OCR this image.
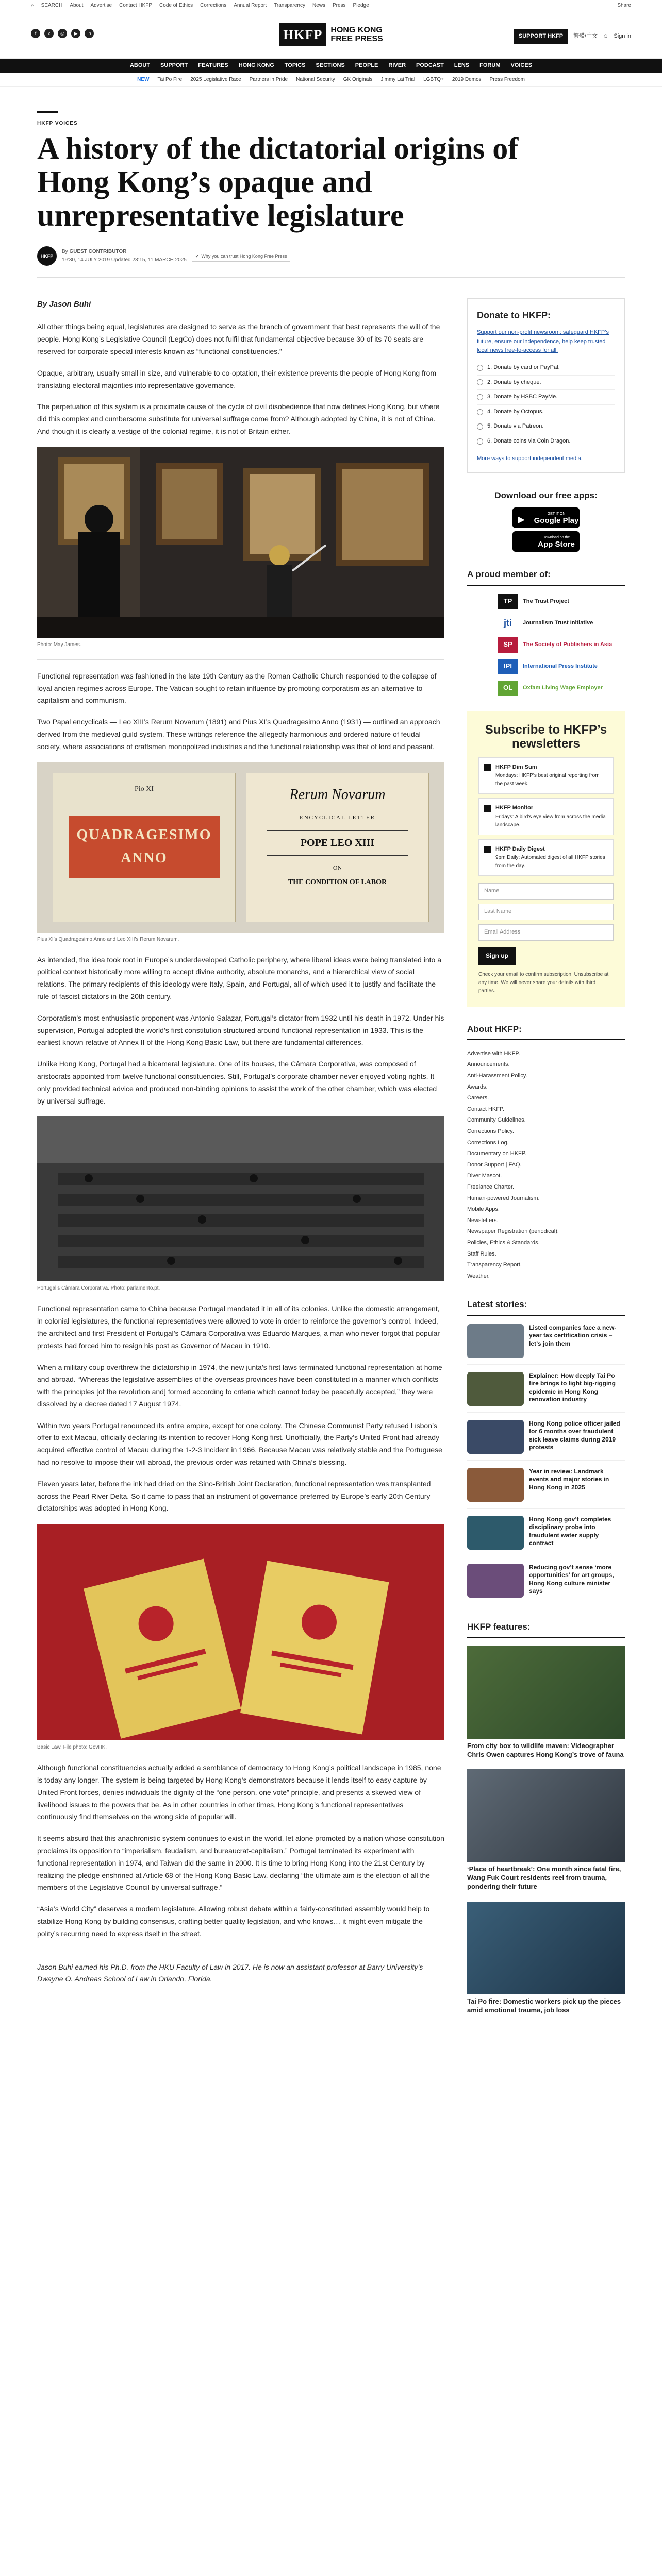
⌕ SEARCH About Advertise Contact HKFP Code of Ethics Corrections Annual Report Transparency News Press Pledge	Share
f	x	◎	▶	in	HKFP	HONG KONG
FREE PRESS	SUPPORT HKFP	繁體/中文 ☺ Sign in
ABOUT SUPPORT FEATURES HONG KONG TOPICS SECTIONS PEOPLE RIVER PODCAST LENS FORUM VOICES
NEW Tai Po Fire 2025 Legislative Race Partners in Pride National Security GK Originals Jimmy Lai Trial LGBTQ+ 2019 Demos Press Freedom
HKFP VOICES
A history of the dictatorial origins of Hong Kong’s opaque and unrepresentative legislature
HKFP
By GUEST CONTRIBUTOR
19:30, 14 JULY 2019 Updated 23:15, 11 MARCH 2025
✔ Why you can trust Hong Kong Free Press
By Jason Buhi

All other things being equal, legislatures are designed to serve as the branch of government that best represents the will of the people. Hong Kong’s Legislative Council (LegCo) does not fulfil that fundamental objective because 30 of its 70 seats are reserved for corporate special interests known as “functional constituencies.”

Opaque, arbitrary, usually small in size, and vulnerable to co-optation, their existence prevents the people of Hong Kong from translating electoral majorities into representative governance.

The perpetuation of this system is a proximate cause of the cycle of civil disobedience that now defines Hong Kong, but where did this complex and cumbersome substitute for universal suffrage come from? Although adopted by China, it is not of China. And though it is clearly a vestige of the colonial regime, it is not of Britain either.

Photo: May James.

Functional representation was fashioned in the late 19th Century as the Roman Catholic Church responded to the collapse of loyal ancien regimes across Europe. The Vatican sought to retain influence by promoting corporatism as an alternative to capitalism and communism.

Two Papal encyclicals — Leo XIII’s Rerum Novarum (1891) and Pius XI’s Quadragesimo Anno (1931) — outlined an approach derived from the medieval guild system. These writings reference the allegedly harmonious and ordered nature of feudal society, where associations of craftsmen monopolized industries and the functional relationship was that of lord and peasant.

Pio XI
QUADRAGESIMO
ANNO
Rerum Novarum
ENCYCLICAL LETTER
POPE LEO XIII
ON
THE CONDITION OF LABOR
Pius XI’s Quadragesimo Anno and Leo XIII’s Rerum Novarum.

As intended, the idea took root in Europe’s underdeveloped Catholic periphery, where liberal ideas were being translated into a political context historically more willing to accept divine authority, absolute monarchs, and a hierarchical view of social relations. The primary recipients of this ideology were Italy, Spain, and Portugal, all of which used it to justify and facilitate the rule of fascist dictators in the 20th century.

Corporatism’s most enthusiastic proponent was Antonio Salazar, Portugal’s dictator from 1932 until his death in 1972. Under his supervision, Portugal adopted the world’s first constitution structured around functional representation in 1933. This is the earliest known relative of Annex II of the Hong Kong Basic Law, but there are fundamental differences.

Unlike Hong Kong, Portugal had a bicameral legislature. One of its houses, the Câmara Corporativa, was composed of aristocrats appointed from twelve functional constituencies. Still, Portugal’s corporate chamber never enjoyed voting rights. It only provided technical advice and produced non-binding opinions to assist the work of the other chamber, which was elected by universal suffrage.

Portugal’s Câmara Corporativa. Photo: parlamento.pt.

Functional representation came to China because Portugal mandated it in all of its colonies. Unlike the domestic arrangement, in colonial legislatures, the functional representatives were allowed to vote in order to reinforce the governor’s control. Indeed, the architect and first President of Portugal’s Câmara Corporativa was Eduardo Marques, a man who never forgot that popular protests had forced him to resign his post as Governor of Macau in 1910.

When a military coup overthrew the dictatorship in 1974, the new junta’s first laws terminated functional representation at home and abroad. “Whereas the legislative assemblies of the overseas provinces have been constituted in a manner which conflicts with the principles [of the revolution and] formed according to criteria which cannot today be peacefully accepted,” they were dissolved by a decree dated 17 August 1974.

Within two years Portugal renounced its entire empire, except for one colony. The Chinese Communist Party refused Lisbon’s offer to exit Macau, officially declaring its intention to recover Hong Kong first. Unofficially, the Party’s United Front had already acquired effective control of Macau during the 1-2-3 Incident in 1966. Because Macau was relatively stable and the Portuguese had no resolve to impose their will abroad, the previous order was retained with China’s blessing.

Eleven years later, before the ink had dried on the Sino-British Joint Declaration, functional representation was transplanted across the Pearl River Delta. So it came to pass that an instrument of governance preferred by Europe’s early 20th Century dictatorships was adopted in Hong Kong.

Basic Law. File photo: GovHK.

Although functional constituencies actually added a semblance of democracy to Hong Kong’s political landscape in 1985, none is today any longer. The system is being targeted by Hong Kong’s demonstrators because it lends itself to easy capture by United Front forces, denies individuals the dignity of the “one person, one vote” principle, and presents a skewed view of livelihood issues to the powers that be. As in other countries in other times, Hong Kong’s functional representatives continuously find themselves on the wrong side of popular will.

It seems absurd that this anachronistic system continues to exist in the world, let alone promoted by a nation whose constitution proclaims its opposition to “imperialism, feudalism, and bureaucrat-capitalism.” Portugal terminated its experiment with functional representation in 1974, and Taiwan did the same in 2000. It is time to bring Hong Kong into the 21st Century by realizing the pledge enshrined at Article 68 of the Hong Kong Basic Law, declaring “the ultimate aim is the election of all the members of the Legislative Council by universal suffrage.”

“Asia’s World City” deserves a modern legislature. Allowing robust debate within a fairly-constituted assembly would help to stabilize Hong Kong by building consensus, crafting better quality legislation, and who knows… it might even mitigate the polity’s recurring need to express itself in the street.

Jason Buhi earned his Ph.D. from the HKU Faculty of Law in 2017. He is now an assistant professor at Barry University’s Dwayne O. Andreas School of Law in Orlando, Florida.

Donate to HKFP:

Support our non-profit newsroom: safeguard HKFP’s future, ensure our independence, help keep trusted local news free-to-access for all.

1. Donate by card or PayPal.
2. Donate by cheque.
3. Donate by HSBC PayMe.
4. Donate by Octopus.
5. Donate via Patreon.
6. Donate coins via Coin Dragon.

More ways to support independent media.

Download our free apps:
▶
GET IT ON
Google Play
Download on the
App Store
A proud member of:
TP	The Trust Project
jti	Journalism Trust Initiative
SP	The Society of Publishers in Asia
IPI	International Press Institute
OL	Oxfam Living Wage Employer
Subscribe to HKFP’s newsletters
HKFP Dim Sum
Mondays: HKFP’s best original reporting from the past week.
HKFP Monitor
Fridays: A bird’s eye view from across the media landscape.
HKFP Daily Digest
9pm Daily: Automated digest of all HKFP stories from the day.
Name
Last Name
Email Address
Sign up

Check your email to confirm subscription. Unsubscribe at any time. We will never share your details with third parties.

About HKFP:
Advertise with HKFP.
Announcements.
Anti-Harassment Policy.
Awards.
Careers.
Contact HKFP.
Community Guidelines.
Corrections Policy.
Corrections Log.
Documentary on HKFP.
Donor Support | FAQ.
Diver Mascot.
Freelance Charter.
Human-powered Journalism.
Mobile Apps.
Newsletters.
Newspaper Registration (periodical).
Policies, Ethics & Standards.
Staff Rules.
Transparency Report.
Weather.
Latest stories:
Listed companies face a new-year tax certification crisis – let’s join them
Explainer: How deeply Tai Po fire brings to light big-rigging epidemic in Hong Kong renovation industry
Hong Kong police officer jailed for 6 months over fraudulent sick leave claims during 2019 protests
Year in review: Landmark events and major stories in Hong Kong in 2025
Hong Kong gov’t completes disciplinary probe into fraudulent water supply contract
Reducing gov’t sense ‘more opportunities’ for art groups, Hong Kong culture minister says
HKFP features:
From city box to wildlife maven: Videographer Chris Owen captures Hong Kong’s trove of fauna
‘Place of heartbreak’: One month since fatal fire, Wang Fuk Court residents reel from trauma, pondering their future
Tai Po fire: Domestic workers pick up the pieces amid emotional trauma, job loss
